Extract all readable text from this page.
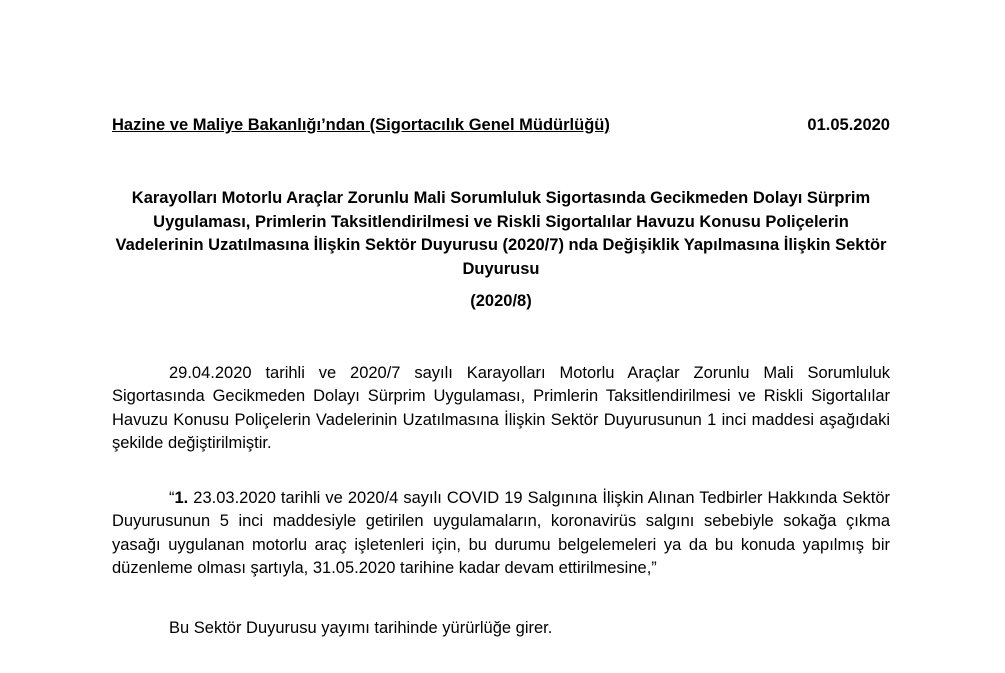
Hazine ve Maliye Bakanlığı’ndan (Sigortacılık Genel Müdürlüğü)	01.05.2020

Karayolları Motorlu Araçlar Zorunlu Mali Sorumluluk Sigortasında Gecikmeden Dolayı Sürprim Uygulaması, Primlerin Taksitlendirilmesi ve Riskli Sigortalılar Havuzu Konusu Poliçelerin Vadelerinin Uzatılmasına İlişkin Sektör Duyurusu (2020/7) nda Değişiklik Yapılmasına İlişkin Sektör Duyurusu

(2020/8)

29.04.2020 tarihli ve 2020/7 sayılı Karayolları Motorlu Araçlar Zorunlu Mali Sorumluluk Sigortasında Gecikmeden Dolayı Sürprim Uygulaması, Primlerin Taksitlendirilmesi ve Riskli Sigortalılar Havuzu Konusu Poliçelerin Vadelerinin Uzatılmasına İlişkin Sektör Duyurusunun 1 inci maddesi aşağıdaki şekilde değiştirilmiştir.

“1. 23.03.2020 tarihli ve 2020/4 sayılı COVID 19 Salgınına İlişkin Alınan Tedbirler Hakkında Sektör Duyurusunun 5 inci maddesiyle getirilen uygulamaların, koronavirüs salgını sebebiyle sokağa çıkma yasağı uygulanan motorlu araç işletenleri için, bu durumu belgelemeleri ya da bu konuda yapılmış bir düzenleme olması şartıyla, 31.05.2020 tarihine kadar devam ettirilmesine,”

Bu Sektör Duyurusu yayımı tarihinde yürürlüğe girer.
